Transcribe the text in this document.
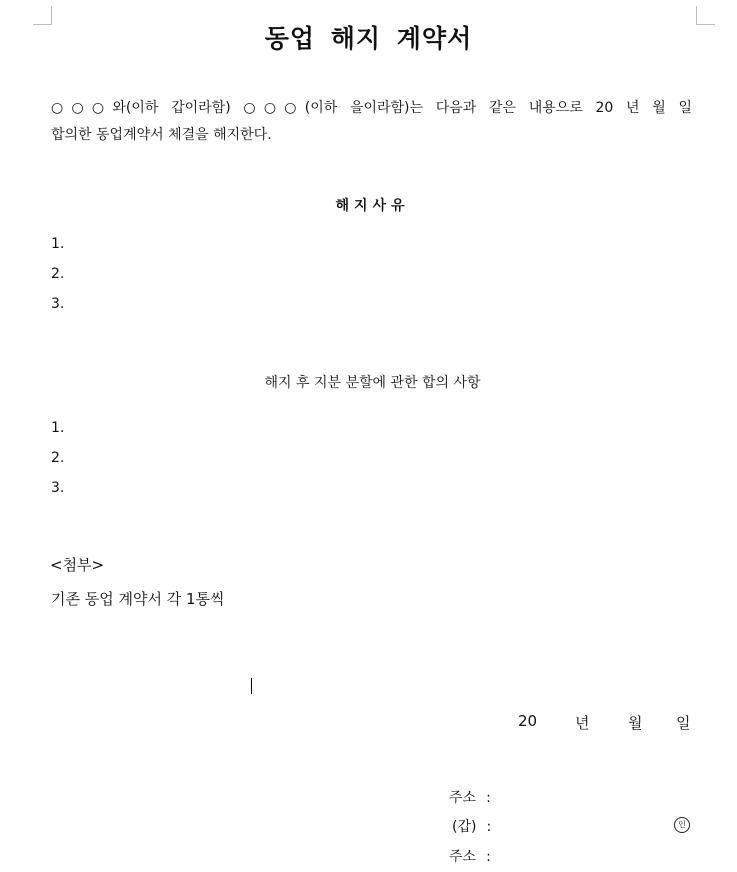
동업 해지 계약서
○○○와(이하 갑이라함) ○○○(이하 을이라함)는 다음과 같은 내용으로 20 년 월 일
합의한 동업계약서 체결을 해지한다.
해지사유
1.
2.
3.
해지 후 지분 분할에 관한 합의 사항
1.
2.
3.
<첨부>
기존 동업 계약서 각 1통씩
20	년	월 일
주소 :
(갑) :	인
주소 :
